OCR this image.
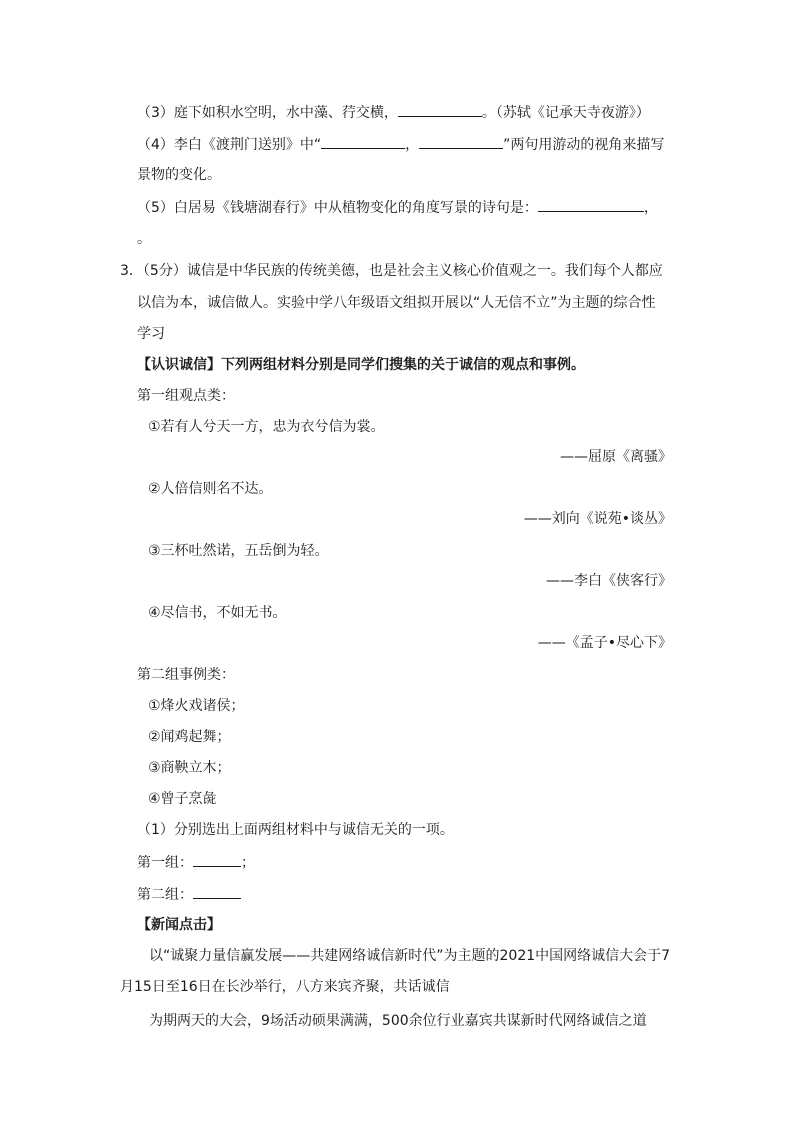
（3）庭下如积水空明，水中藻、荇交横，	。（苏轼《记承天寺夜游》）
（4）李白《渡荆门送别》中“	，	”两句用游动的视角来描写
景物的变化。
（5）白居易《钱塘湖春行》中从植物变化的角度写景的诗句是：	，
。
3．（5分）诚信是中华民族的传统美德，也是社会主义核心价值观之一。我们每个人都应
以信为本，诚信做人。实验中学八年级语文组拟开展以“人无信不立”为主题的综合性
学习
【认识诚信】下列两组材料分别是同学们搜集的关于诚信的观点和事例。
第一组观点类：
①若有人兮天一方，忠为衣兮信为裳。
——屈原《离骚》
②人倍信则名不达。
——刘向《说苑•谈丛》
③三杯吐然诺，五岳倒为轻。
——李白《侠客行》
④尽信书，不如无书。
——《孟子•尽心下》
第二组事例类：
①烽火戏诸侯；
②闻鸡起舞；
③商鞅立木；
④曾子烹彘
（1）分别选出上面两组材料中与诚信无关的一项。
第一组：	；
第二组：
【新闻点击】
以“诚聚力量信赢发展——共建网络诚信新时代”为主题的2021中国网络诚信大会于7
月15日至16日在长沙举行，八方来宾齐聚，共话诚信
为期两天的大会，9场活动硕果满满，500余位行业嘉宾共谋新时代网络诚信之道
